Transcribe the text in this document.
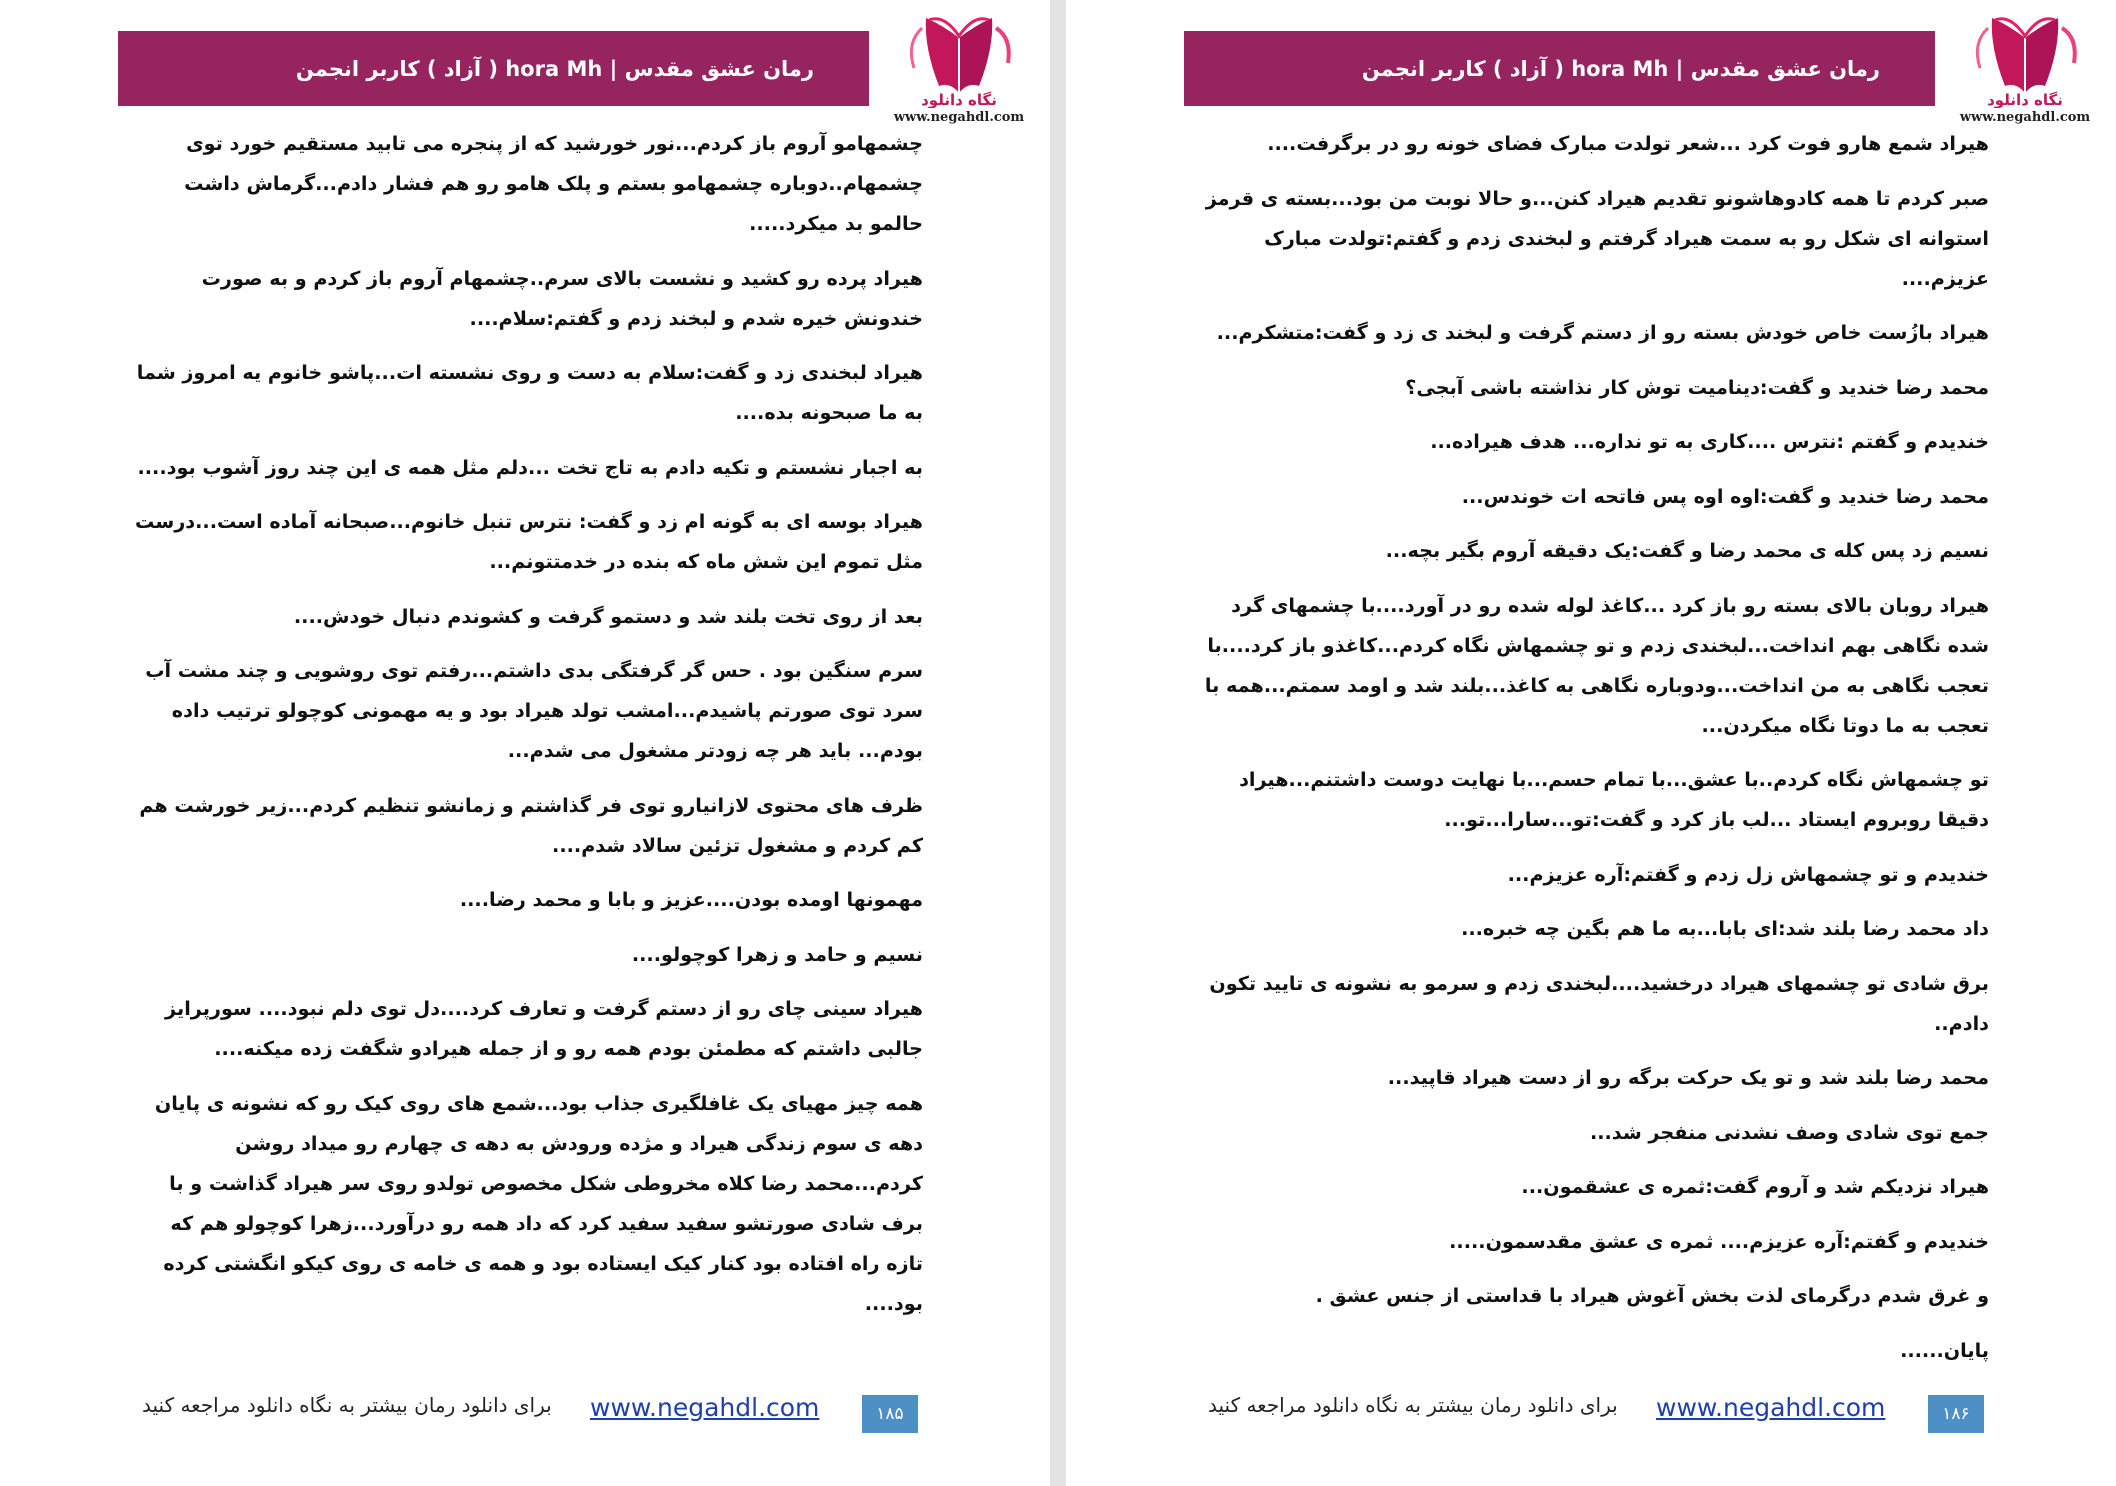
رمان عشق مقدس | hora Mh ( آزاد ) کاربر انجمن
نگاه دانلود
www.negahdl.com

چشمهامو آروم باز کردم...نور خورشید که از پنجره می تابید مستقیم خورد توی چشمهام..دوباره چشمهامو بستم و پلک هامو رو هم فشار دادم...گرماش داشت حالمو بد میکرد.....

هیراد پرده رو کشید و نشست بالای سرم..چشمهام آروم باز کردم و به صورت خندونش خیره شدم و لبخند زدم و گفتم:سلام....

هیراد لبخندی زد و گفت:سلام به دست و روی نشسته ات...پاشو خانوم یه امروز شما به ما صبحونه بده....

به اجبار نشستم و تکیه دادم به تاج تخت ...دلم مثل همه ی این چند روز آشوب بود....

هیراد بوسه ای به گونه ام زد و گفت: نترس تنبل خانوم...صبحانه آماده است...درست مثل تموم این شش ماه که بنده در خدمتتونم...

بعد از روی تخت بلند شد و دستمو گرفت و کشوندم دنبال خودش....

سرم سنگین بود . حس گر گرفتگی بدی داشتم...رفتم توی روشویی و چند مشت آب سرد توی صورتم پاشیدم...امشب تولد هیراد بود و یه مهمونی کوچولو ترتیب داده بودم... باید هر چه زودتر مشغول می شدم...

ظرف های محتوی لازانیارو توی فر گذاشتم و زمانشو تنظیم کردم...زیر خورشت هم کم کردم و مشغول تزئین سالاد شدم....

مهمونها اومده بودن....عزیز و بابا و محمد رضا....

نسیم و حامد و زهرا کوچولو....

هیراد سینی چای رو از دستم گرفت و تعارف کرد....دل توی دلم نبود.... سورپرایز جالبی داشتم که مطمئن بودم همه رو و از جمله هیرادو شگفت زده میکنه....

همه چیز مهیای یک غافلگیری جذاب بود...شمع های روی کیک رو که نشونه ی پایان دهه ی سوم زندگی هیراد و مژده ورودش به دهه ی چهارم رو میداد روشن کردم...محمد رضا کلاه مخروطی شکل مخصوص تولدو روی سر هیراد گذاشت و با برف شادی صورتشو سفید سفید کرد که داد همه رو درآورد...زهرا کوچولو هم که تازه راه افتاده بود کنار کیک ایستاده بود و همه ی خامه ی روی کیکو انگشتی کرده بود....

برای دانلود رمان بیشتر به نگاه دانلود مراجعه کنید	www.negahdl.com	۱۸۵
رمان عشق مقدس | hora Mh ( آزاد ) کاربر انجمن
نگاه دانلود
www.negahdl.com

هیراد شمع هارو فوت کرد ...شعر تولدت مبارک فضای خونه رو در برگرفت....

صبر کردم تا همه کادوهاشونو تقدیم هیراد کنن...و حالا نوبت من بود...بسته ی قرمز استوانه ای شکل رو به سمت هیراد گرفتم و لبخندی زدم و گفتم:تولدت مبارک عزیزم....

هیراد بازُست خاص خودش بسته رو از دستم گرفت و لبخند ی زد و گفت:متشکرم...

محمد رضا خندید و گفت:دینامیت توش کار نذاشته باشی آبجی؟

خندیدم و گفتم :نترس ....کاری به تو نداره... هدف هیراده...

محمد رضا خندید و گفت:اوه اوه پس فاتحه ات خوندس...

نسیم زد پس کله ی محمد رضا و گفت:یک دقیقه آروم بگیر بچه...

هیراد روبان بالای بسته رو باز کرد ...کاغذ لوله شده رو در آورد....با چشمهای گرد شده نگاهی بهم انداخت...لبخندی زدم و تو چشمهاش نگاه کردم...کاغذو باز کرد....با تعجب نگاهی به من انداخت...ودوباره نگاهی به کاغذ...بلند شد و اومد سمتم...همه با تعجب به ما دوتا نگاه میکردن...

تو چشمهاش نگاه کردم..با عشق...با تمام حسم...با نهایت دوست داشتنم...هیراد دقیقا روبروم ایستاد ...لب باز کرد و گفت:تو...سارا...تو...

خندیدم و تو چشمهاش زل زدم و گفتم:آره عزیزم...

داد محمد رضا بلند شد:ای بابا...به ما هم بگین چه خبره...

برق شادی تو چشمهای هیراد درخشید....لبخندی زدم و سرمو به نشونه ی تایید تکون دادم..

محمد رضا بلند شد و تو یک حرکت برگه رو از دست هیراد قاپید...

جمع توی شادی وصف نشدنی منفجر شد...

هیراد نزدیکم شد و آروم گفت:ثمره ی عشقمون...

خندیدم و گفتم:آره عزیزم.... ثمره ی عشق مقدسمون.....

و غرق شدم درگرمای لذت بخش آغوش هیراد با قداستی از جنس عشق .

پایان......

برای دانلود رمان بیشتر به نگاه دانلود مراجعه کنید	www.negahdl.com	۱۸۶
